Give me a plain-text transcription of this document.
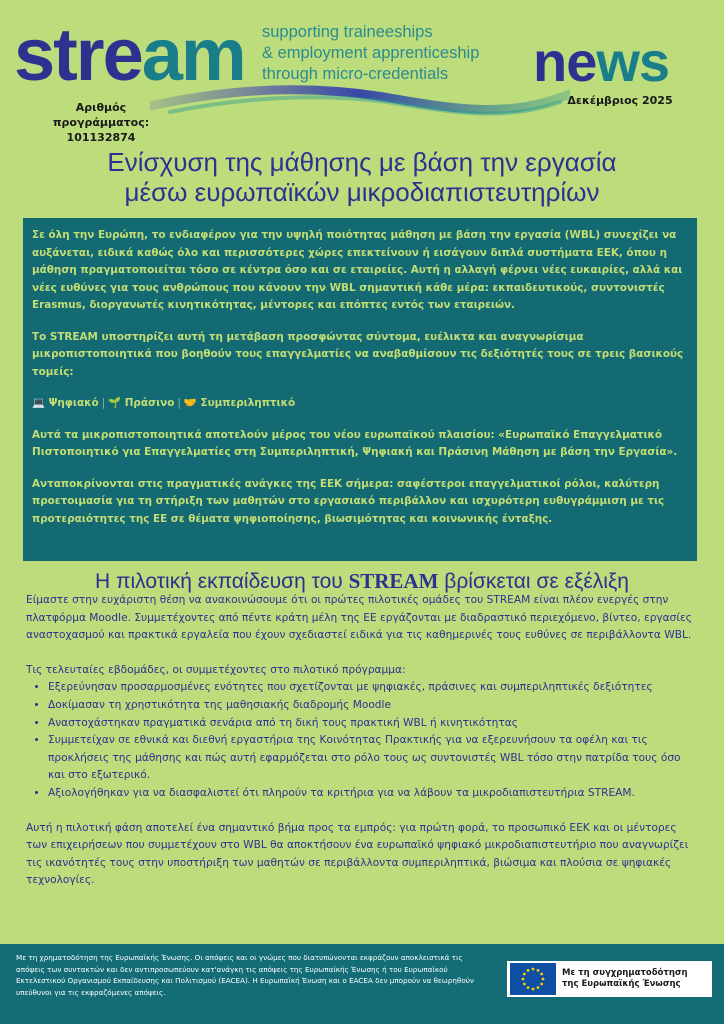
stream supporting traineeships
& employment apprenticeship
through micro-credentials	news
Αριθμός προγράμματος:
101132874
Δεκέμβριος 2025
Ενίσχυση της μάθησης με βάση την εργασία
μέσω ευρωπαϊκών μικροδιαπιστευτηρίων

Σε όλη την Ευρώπη, το ενδιαφέρον για την υψηλή ποιότητας μάθηση με βάση την εργασία (WBL) συνεχίζει να αυξάνεται, ειδικά καθώς όλο και περισσότερες χώρες επεκτείνουν ή εισάγουν διπλά συστήματα ΕΕΚ, όπου η μάθηση πραγματοποιείται τόσο σε κέντρα όσο και σε εταιρείες. Αυτή η αλλαγή φέρνει νέες ευκαιρίες, αλλά και νέες ευθύνες για τους ανθρώπους που κάνουν την WBL σημαντική κάθε μέρα: εκπαιδευτικούς, συντονιστές Erasmus, διοργανωτές κινητικότητας, μέντορες και επόπτες εντός των εταιρειών.

Το STREAM υποστηρίζει αυτή τη μετάβαση προσφώντας σύντομα, ευέλικτα και αναγνωρίσιμα μικροπιστοποιητικά που βοηθούν τους επαγγελματίες να αναβαθμίσουν τις δεξιότητές τους σε τρεις βασικούς τομείς:

💻 Ψηφιακό | 🌱 Πράσινο | 🤝 Συμπεριληπτικό

Αυτά τα μικροπιστοποιητικά αποτελούν μέρος του νέου ευρωπαϊκού πλαισίου: «Ευρωπαϊκό Επαγγελματικό Πιστοποιητικό για Επαγγελματίες στη Συμπεριληπτική, Ψηφιακή και Πράσινη Μάθηση με βάση την Εργασία».

Ανταποκρίνονται στις πραγματικές ανάγκες της ΕΕΚ σήμερα: σαφέστεροι επαγγελματικοί ρόλοι, καλύτερη προετοιμασία για τη στήριξη των μαθητών στο εργασιακό περιβάλλον και ισχυρότερη ευθυγράμμιση με τις προτεραιότητες της ΕΕ σε θέματα ψηφιοποίησης, βιωσιμότητας και κοινωνικής ένταξης.

Η πιλοτική εκπαίδευση του STREAM βρίσκεται σε εξέλιξη

Είμαστε στην ευχάριστη θέση να ανακοινώσουμε ότι οι πρώτες πιλοτικές ομάδες του STREAM είναι πλέον ενεργές στην πλατφόρμα Moodle. Συμμετέχοντες από πέντε κράτη μέλη της ΕΕ εργάζονται με διαδραστικό περιεχόμενο, βίντεο, εργασίες αναστοχασμού και πρακτικά εργαλεία που έχουν σχεδιαστεί ειδικά για τις καθημερινές τους ευθύνες σε περιβάλλοντα WBL.

Τις τελευταίες εβδομάδες, οι συμμετέχοντες στο πιλοτικό πρόγραμμα:

• Εξερεύνησαν προσαρμοσμένες ενότητες που σχετίζονται με ψηφιακές, πράσινες και συμπεριληπτικές δεξιότητες
• Δοκίμασαν τη χρηστικότητα της μαθησιακής διαδρομής Moodle
• Αναστοχάστηκαν πραγματικά σενάρια από τη δική τους πρακτική WBL ή κινητικότητας
• Συμμετείχαν σε εθνικά και διεθνή εργαστήρια της Κοινότητας Πρακτικής για να εξερευνήσουν τα οφέλη και τις προκλήσεις της μάθησης και πώς αυτή εφαρμόζεται στο ρόλο τους ως συντονιστές WBL τόσο στην πατρίδα τους όσο και στο εξωτερικό.
• Αξιολογήθηκαν για να διασφαλιστεί ότι πληρούν τα κριτήρια για να λάβουν τα μικροδιαπιστευτήρια STREAM.

Αυτή η πιλοτική φάση αποτελεί ένα σημαντικό βήμα προς τα εμπρός: για πρώτη φορά, το προσωπικό ΕΕΚ και οι μέντορες των επιχειρήσεων που συμμετέχουν στο WBL θα αποκτήσουν ένα ευρωπαϊκό ψηφιακό μικροδιαπιστευτήριο που αναγνωρίζει τις ικανότητές τους στην υποστήριξη των μαθητών σε περιβάλλοντα συμπεριληπτικά, βιώσιμα και πλούσια σε ψηφιακές τεχνολογίες.

Με τη χρηματοδότηση της Ευρωπαϊκής Ένωσης. Οι απόψεις και οι γνώμες που διατυπώνονται εκφράζουν αποκλειστικά τις απόψεις των συντακτών και δεν αντιπροσωπεύουν κατ'ανάγκη τις απόψεις της Ευρωπαϊκής Ένωσης ή του Ευρωπαϊκού Εκτελεστικού Οργανισμού Εκπαίδευσης και Πολιτισμού (EACEA). Η Ευρωπαϊκή Ένωση και ο EACEA δεν μπορούν να θεωρηθούν υπεύθυνοι για τις εκφραζόμενες απόψεις.
Με τη συγχρηματοδότηση
της Ευρωπαϊκής Ένωσης
